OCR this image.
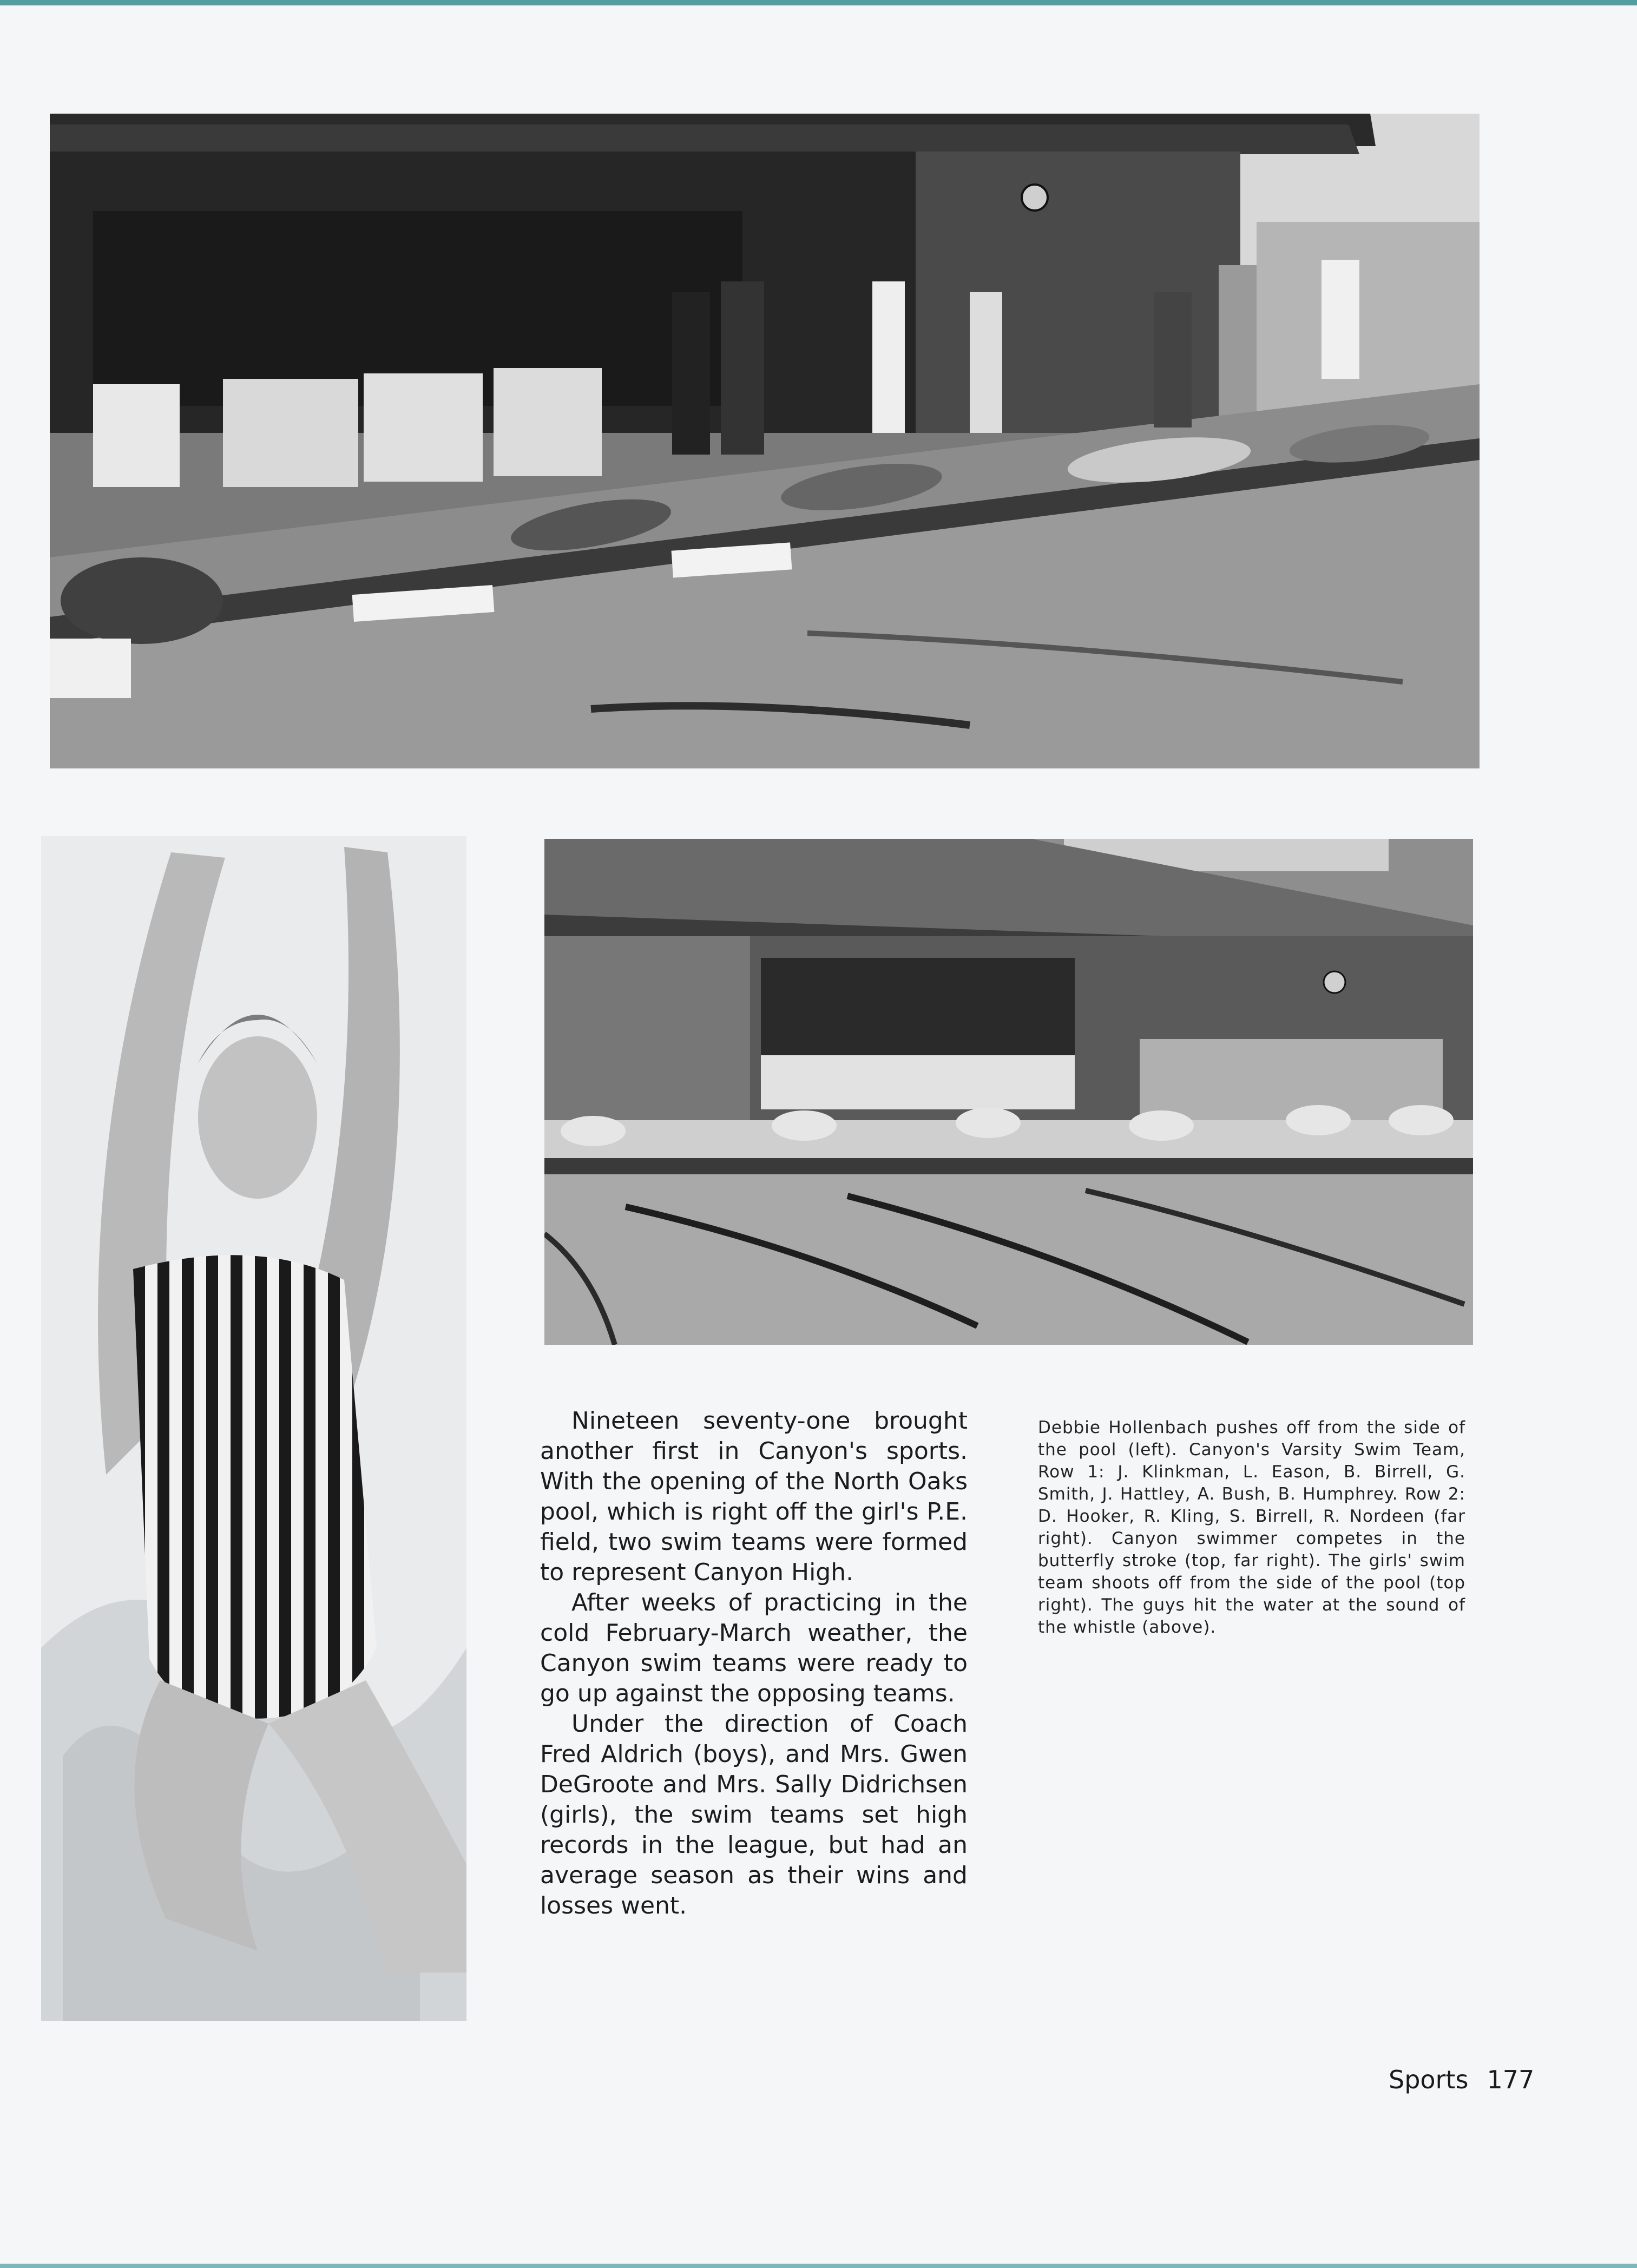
Nineteen seventy-one brought another first in Canyon's sports. With the opening of the North Oaks pool, which is right off the girl's P.E. field, two swim teams were formed to represent Canyon High.

After weeks of practicing in the cold February-March weather, the Canyon swim teams were ready to go up against the opposing teams.

Under the direction of Coach Fred Aldrich (boys), and Mrs. Gwen DeGroote and Mrs. Sally Didrichsen (girls), the swim teams set high records in the league, but had an average season as their wins and losses went.

Debbie Hollenbach pushes off from the side of the pool (left). Canyon's Varsity Swim Team, Row 1: J. Klinkman, L. Eason, B. Birrell, G. Smith, J. Hattley, A. Bush, B. Humphrey. Row 2: D. Hooker, R. Kling, S. Birrell, R. Nordeen (far right). Canyon swimmer competes in the butterfly stroke (top, far right). The girls' swim team shoots off from the side of the pool (top right). The guys hit the water at the sound of the whistle (above).
Sports 177
